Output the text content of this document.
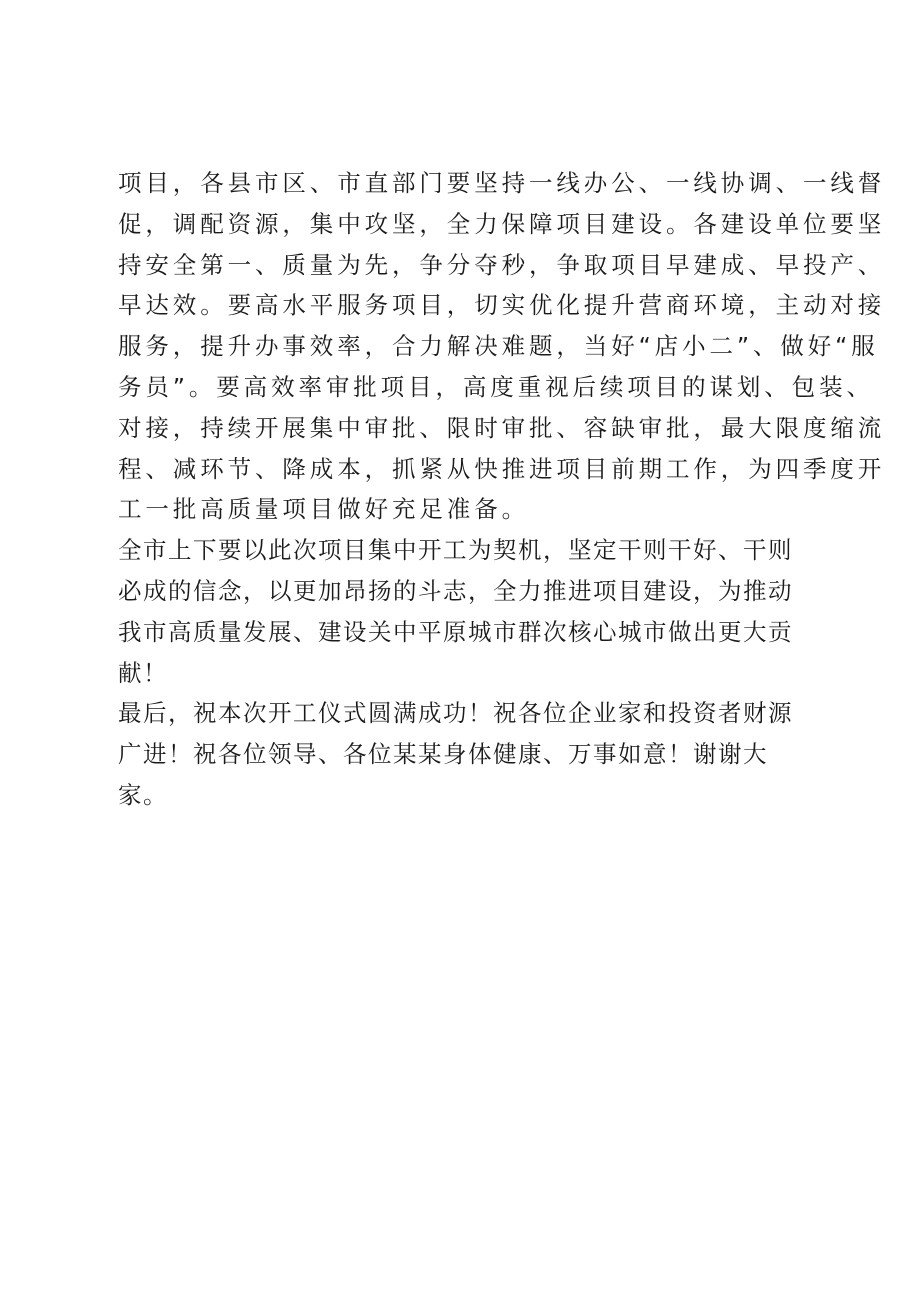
项目，各县市区、市直部门要坚持一线办公、一线协调、一线督
促，调配资源，集中攻坚，全力保障项目建设。各建设单位要坚
持安全第一、质量为先，争分夺秒，争取项目早建成、早投产、
早达效。要高水平服务项目，切实优化提升营商环境，主动对接
服务，提升办事效率，合力解决难题，当好“店小二”、做好“服
务员”。要高效率审批项目，高度重视后续项目的谋划、包装、
对接，持续开展集中审批、限时审批、容缺审批，最大限度缩流
程、减环节、降成本，抓紧从快推进项目前期工作，为四季度开
工一批高质量项目做好充足准备。

全市上下要以此次项目集中开工为契机，坚定干则干好、干则
必成的信念，以更加昂扬的斗志，全力推进项目建设，为推动
我市高质量发展、建设关中平原城市群次核心城市做出更大贡
献！

最后，祝本次开工仪式圆满成功！祝各位企业家和投资者财源
广进！祝各位领导、各位某某身体健康、万事如意！谢谢大
家。
